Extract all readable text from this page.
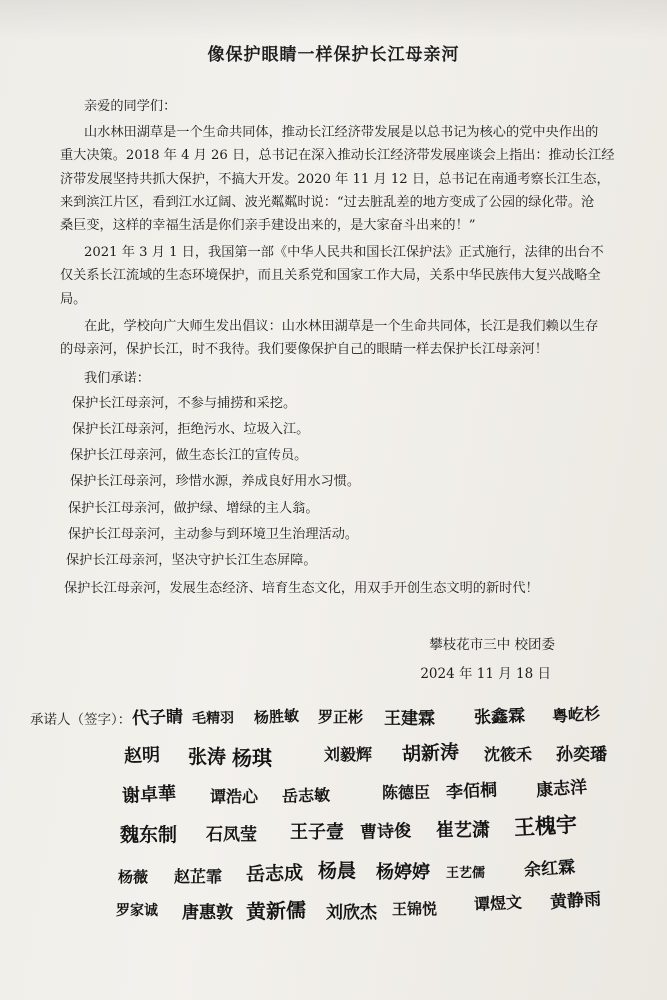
像保护眼睛一样保护长江母亲河
亲爱的同学们：
山水林田湖草是一个生命共同体，推动长江经济带发展是以总书记为核心的党中央作出的
重大决策。2018 年 4 月 26 日，总书记在深入推动长江经济带发展座谈会上指出：推动长江经
济带发展坚持共抓大保护，不搞大开发。2020 年 11 月 12 日，总书记在南通考察长江生态，
来到滨江片区，看到江水辽阔、波光粼粼时说：“过去脏乱差的地方变成了公园的绿化带。沧
桑巨变，这样的幸福生活是你们亲手建设出来的，是大家奋斗出来的！”
2021 年 3 月 1 日，我国第一部《中华人民共和国长江保护法》正式施行，法律的出台不
仅关系长江流域的生态环境保护，而且关系党和国家工作大局，关系中华民族伟大复兴战略全
局。
在此，学校向广大师生发出倡议：山水林田湖草是一个生命共同体，长江是我们赖以生存
的母亲河，保护长江，时不我待。我们要像保护自己的眼睛一样去保护长江母亲河！
我们承诺：
保护长江母亲河，不参与捕捞和采挖。
保护长江母亲河，拒绝污水、垃圾入江。
保护长江母亲河，做生态长江的宣传员。
保护长江母亲河，珍惜水源，养成良好用水习惯。
保护长江母亲河，做护绿、增绿的主人翁。
保护长江母亲河，主动参与到环境卫生治理活动。
保护长江母亲河，坚决守护长江生态屏障。
保护长江母亲河，发展生态经济、培育生态文化，用双手开创生态文明的新时代！
攀枝花市三中 校团委
2024 年 11 月 18 日
承诺人（签字）： 代子睛 毛精羽 杨胜敏 罗正彬 王建霖 张鑫霖 粤屹杉
赵明 张涛 杨琪	刘毅辉 胡新涛 沈筱禾 孙奕璠
谢卓華 谭浩心 岳志敏	陈德臣 李佰桐 康志洋
魏东制 石凤莹 王子壹 曹诗俊 崔艺潇 王槐宇
杨薇 赵芷霏 岳志成 杨晨 杨婷婷 王艺儒 余红霖
罗家诚 唐惠敦 黄新儒 刘欣杰 王锦悦 谭煜文 黄静雨
